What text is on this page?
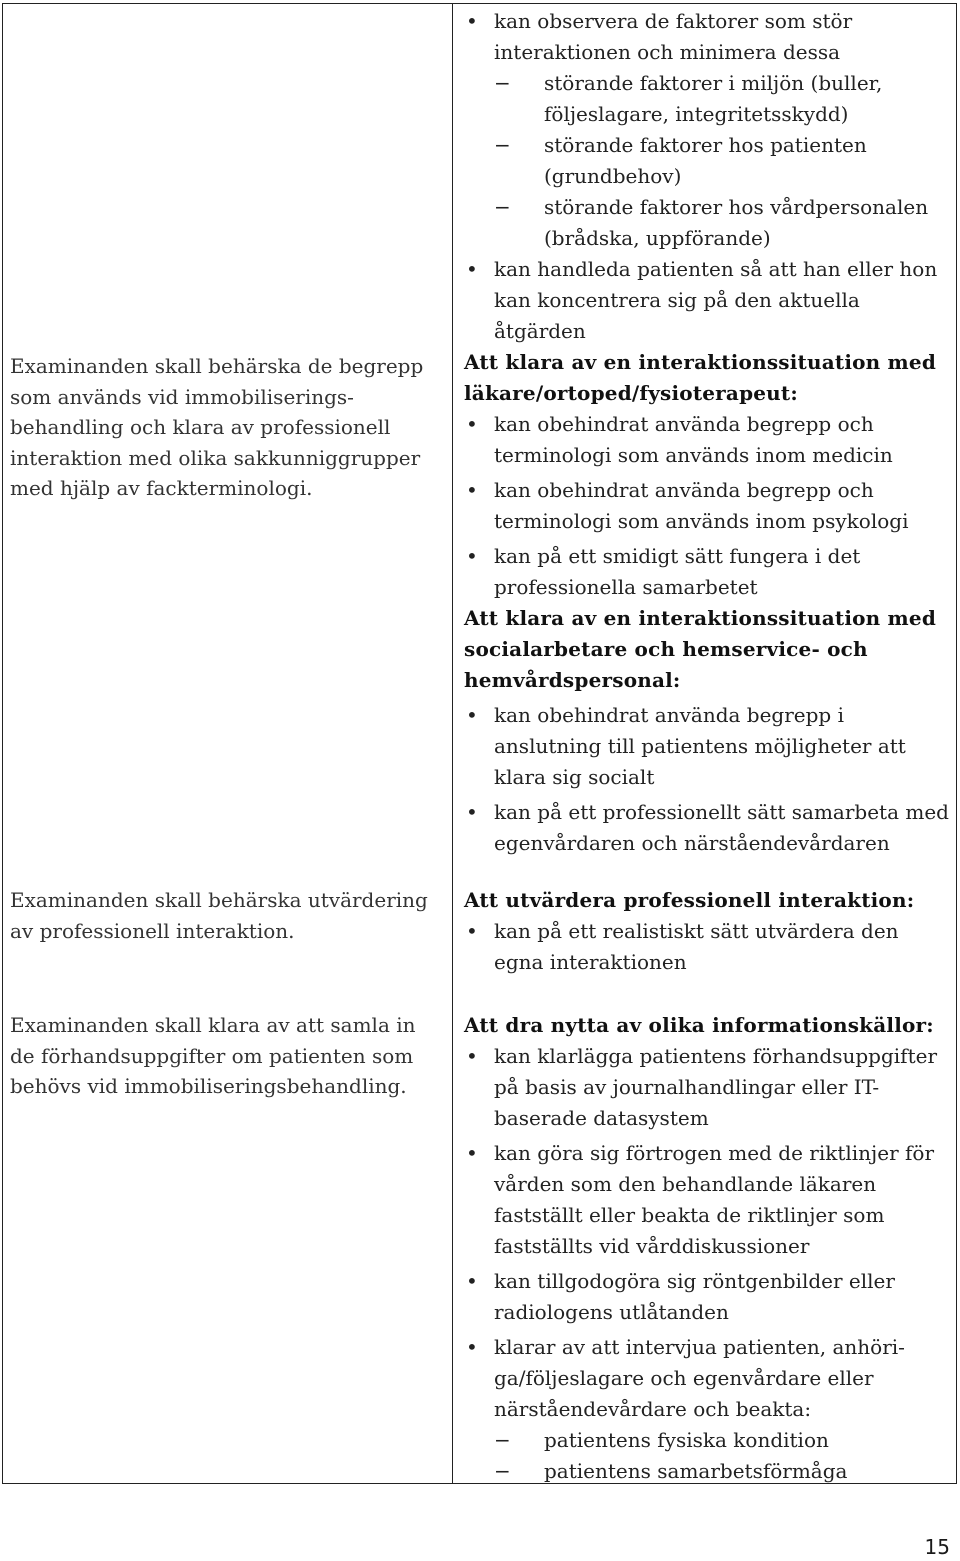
Examinanden skall behärska de begrepp som används vid immobiliserings-behandling och klara av professionell interaktion med olika sakkunniggrupper med hjälp av fackterminologi.
Examinanden skall behärska utvärdering av professionell interaktion.
Examinanden skall klara av att samla in de förhandsuppgifter om patienten som behövs vid immobiliseringsbehandling.
• kan observera de faktorer som stör interaktionen och minimera dessa
− störande faktorer i miljön (buller, följeslagare, integritetsskydd)
− störande faktorer hos patienten (grundbehov)
− störande faktorer hos vårdpersonalen (brådska, uppförande)
• kan handleda patienten så att han eller hon kan koncentrera sig på den aktuella åtgärden
Att klara av en interaktionssituation med läkare/ortoped/fysioterapeut:
• kan obehindrat använda begrepp och terminologi som används inom medicin
• kan obehindrat använda begrepp och terminologi som används inom psykologi
• kan på ett smidigt sätt fungera i det professionella samarbetet
Att klara av en interaktionssituation med socialarbetare och hemservice- och hemvårdspersonal:
• kan obehindrat använda begrepp i anslutning till patientens möjligheter att klara sig socialt
• kan på ett professionellt sätt samarbeta med egenvårdaren och närståendevårdaren
Att utvärdera professionell interaktion:
• kan på ett realistiskt sätt utvärdera den egna interaktionen
Att dra nytta av olika informationskällor:
• kan klarlägga patientens förhandsuppgifter på basis av journalhandlingar eller IT-baserade datasystem
• kan göra sig förtrogen med de riktlinjer för vården som den behandlande läkaren fastställt eller beakta de riktlinjer som fastställts vid vårddiskussioner
• kan tillgodogöra sig röntgenbilder eller radiologens utlåtanden
• klarar av att intervjua patienten, anhöri-ga/följeslagare och egenvårdare eller närståendevårdare och beakta:
− patientens fysiska kondition
− patientens samarbetsförmåga
15
